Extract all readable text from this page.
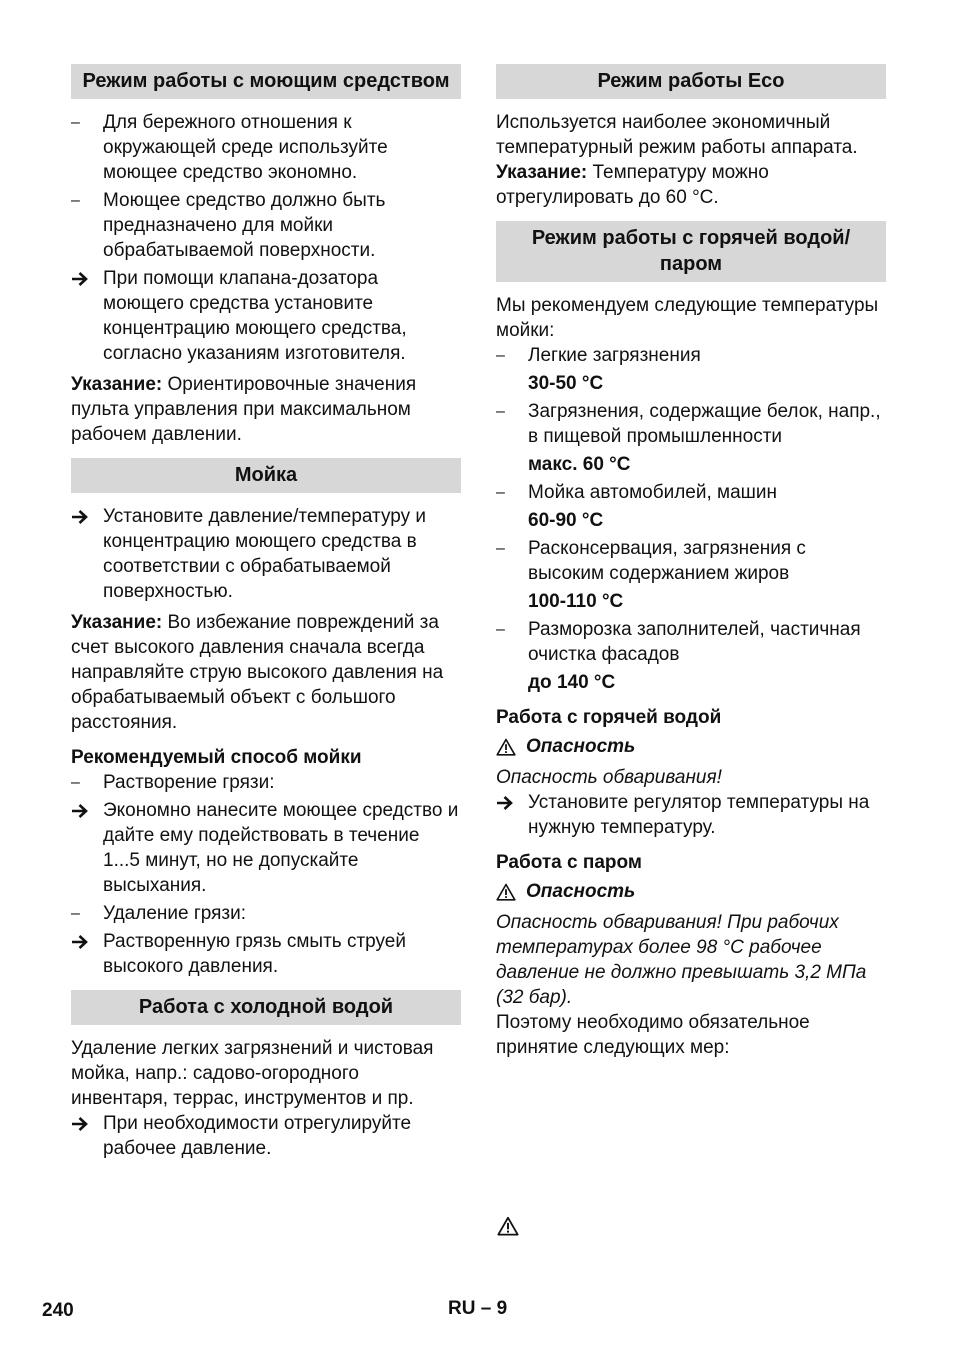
Режим работы с моющим средством
–	Для бережного отношения к окружающей среде используйте моющее средство экономно.
–	Моющее средство должно быть предназначено для мойки обрабатываемой поверхности.
При помощи клапана-дозатора моющего средства установите концентрацию моющего средства, согласно указаниям изготовителя.

Указание: Ориентировочные значения пульта управления при максимальном рабочем давлении.

Мойка
Установите давление/температуру и концентрацию моющего средства в соответствии с обрабатываемой поверхностью.

Указание: Во избежание повреждений за счет высокого давления сначала всегда направляйте струю высокого давления на обрабатываемый объект с большого расстояния.

Рекомендуемый способ мойки

–	Растворение грязи:
Экономно нанесите моющее средство и дайте ему подействовать в течение 1...5 минут, но не допускайте высыхания.
–	Удаление грязи:
Растворенную грязь смыть струей высокого давления.
Работа с холодной водой

Удаление легких загрязнений и чистовая мойка, напр.: садово-огородного инвентаря, террас, инструментов и пр.

При необходимости отрегулируйте рабочее давление.
Режим работы Eco

Используется наиболее экономичный температурный режим работы аппарата.

Указание: Температуру можно отрегулировать до 60 °C.

Режим работы с горячей водой/паром

Мы рекомендуем следующие температуры мойки:

–	Легкие загрязнения
30-50 °C
–	Загрязнения, содержащие белок, напр., в пищевой промышленности
макс. 60 °C
–	Мойка автомобилей, машин
60-90 °C
–	Расконсервация, загрязнения с высоким содержанием жиров
100-110 °C
–	Разморозка заполнителей, частичная очистка фасадов
до 140 °C

Работа с горячей водой

Опасность

Опасность обваривания!

Установите регулятор температуры на нужную температуру.

Работа с паром

Опасность

Опасность обваривания! При рабочих температурах более 98 °C рабочее давление не должно превышать 3,2 МПа (32 бар).

Поэтому необходимо обязательное принятие следующих мер:

240	RU – 9
